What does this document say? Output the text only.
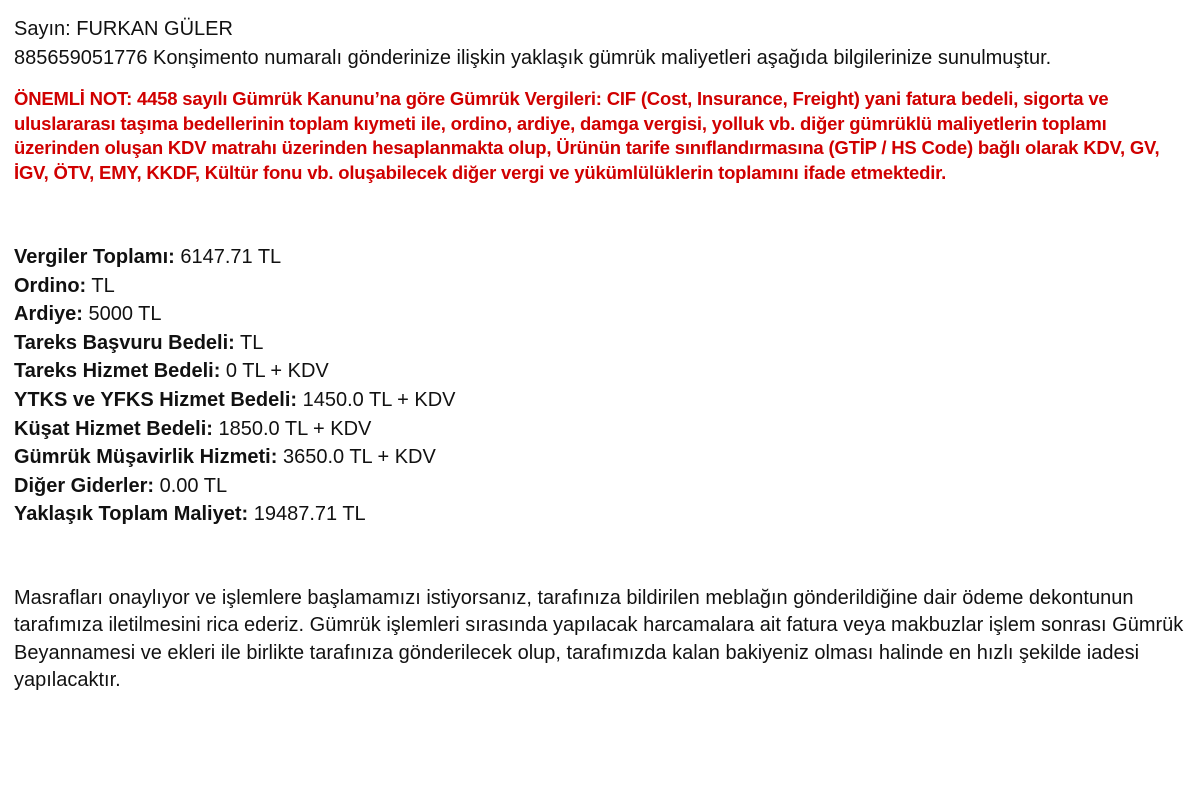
Sayın: FURKAN GÜLER

885659051776 Konşimento numaralı gönderinize ilişkin yaklaşık gümrük maliyetleri aşağıda bilgilerinize sunulmuştur.

ÖNEMLİ NOT: 4458 sayılı Gümrük Kanunu’na göre Gümrük Vergileri: CIF (Cost, Insurance, Freight) yani fatura bedeli, sigorta ve uluslararası taşıma bedellerinin toplam kıymeti ile, ordino, ardiye, damga vergisi, yolluk vb. diğer gümrüklü maliyetlerin toplamı üzerinden oluşan KDV matrahı üzerinden hesaplanmakta olup, Ürünün tarife sınıflandırmasına (GTİP / HS Code) bağlı olarak KDV, GV, İGV, ÖTV, EMY, KKDF, Kültür fonu vb. oluşabilecek diğer vergi ve yükümlülüklerin toplamını ifade etmektedir.

Vergiler Toplamı: 6147.71 TL
Ordino: TL
Ardiye: 5000 TL
Tareks Başvuru Bedeli: TL
Tareks Hizmet Bedeli: 0 TL + KDV
YTKS ve YFKS Hizmet Bedeli: 1450.0 TL + KDV
Küşat Hizmet Bedeli: 1850.0 TL + KDV
Gümrük Müşavirlik Hizmeti: 3650.0 TL + KDV
Diğer Giderler: 0.00 TL
Yaklaşık Toplam Maliyet: 19487.71 TL

Masrafları onaylıyor ve işlemlere başlamamızı istiyorsanız, tarafınıza bildirilen meblağın gönderildiğine dair ödeme dekontunun tarafımıza iletilmesini rica ederiz. Gümrük işlemleri sırasında yapılacak harcamalara ait fatura veya makbuzlar işlem sonrası Gümrük Beyannamesi ve ekleri ile birlikte tarafınıza gönderilecek olup, tarafımızda kalan bakiyeniz olması halinde en hızlı şekilde iadesi yapılacaktır.
